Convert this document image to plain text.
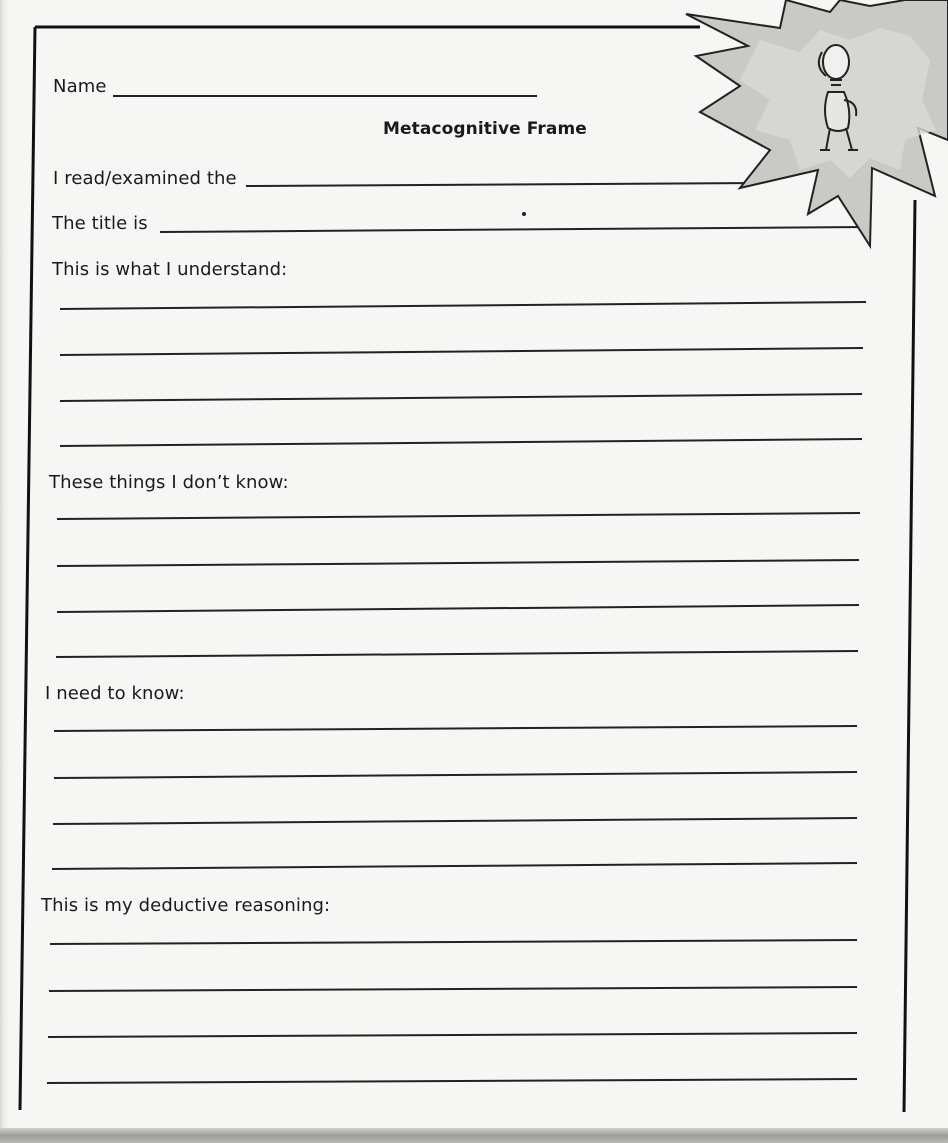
Name
Metacognitive Frame
I read/examined the
The title is
This is what I understand:
These things I don’t know:
I need to know:
This is my deductive reasoning:
